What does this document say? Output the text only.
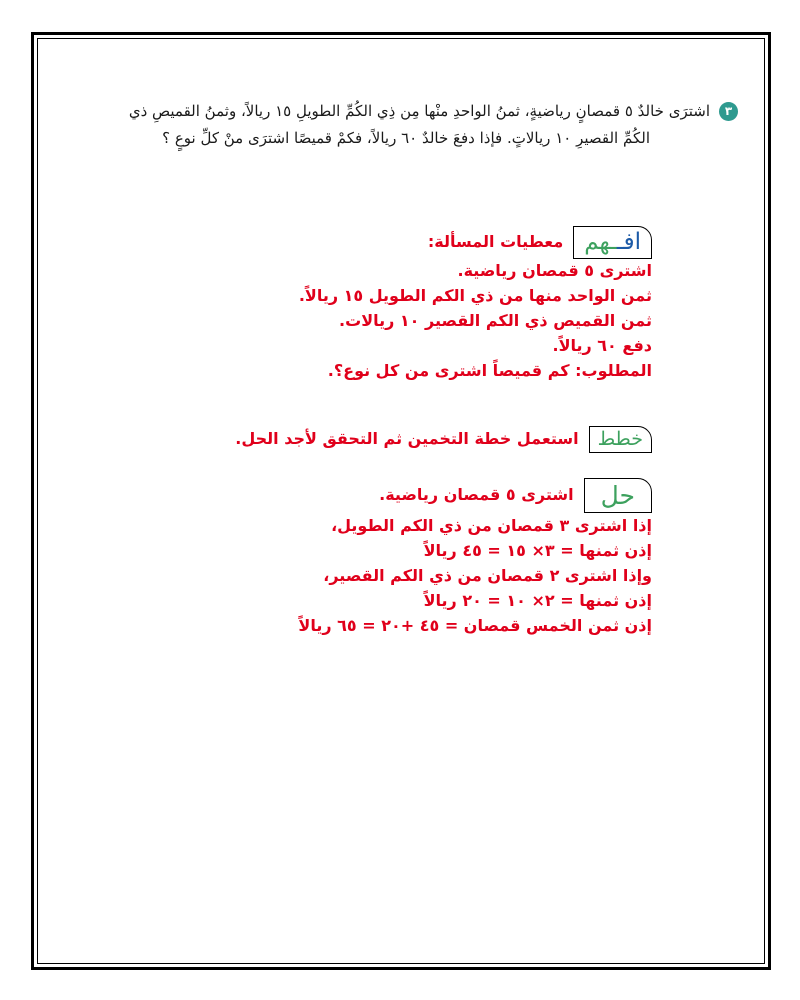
٣
اشترَى خالدٌ ٥ قمصانٍ رياضيةٍ، ثمنُ الواحدِ منْها مِن ذِي الكُمِّ الطويلِ ١٥ ريالاً، وثمنُ القميصِ ذي
الكُمِّ القصيرِ ١٠ ريالاتٍ. فإذا دفعَ خالدٌ ٦٠ ريالاً، فكمْ قميصًا اشترَى منْ كلِّ نوعٍ ؟
افــهممعطيات المسألة:
اشترى ٥ قمصان رياضية.
ثمن الواحد منها من ذي الكم الطويل ١٥ ريالاً.
ثمن القميص ذي الكم القصير ١٠ ريالات.
دفع ٦٠ ريالاً.
المطلوب: كم قميصاً اشترى من كل نوع؟.
خططاستعمل خطة التخمين ثم التحقق لأجد الحل.
حلاشترى ٥ قمصان رياضية.
إذا اشترى ٣ قمصان من ذي الكم الطويل،
إذن ثمنها = ٣× ١٥ = ٤٥ ريالاً
وإذا اشترى ٢ قمصان من ذي الكم القصير،
إذن ثمنها = ٢× ١٠ = ٢٠ ريالاً
إذن ثمن الخمس قمصان = ٤٥ +٢٠ = ٦٥ ريالاً
